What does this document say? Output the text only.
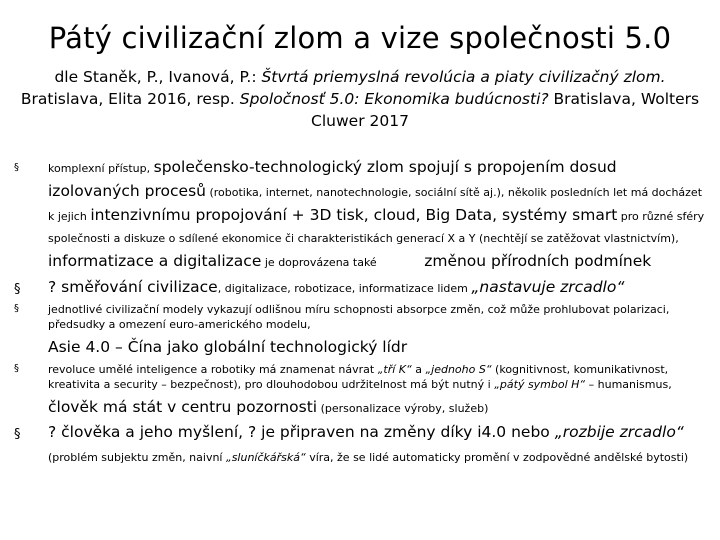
Pátý civilizační zlom a vize společnosti 5.0
dle Staněk, P., Ivanová, P.: Štvrtá priemyslná revolúcia a piaty civilizačný zlom. Bratislava, Elita 2016, resp. Spoločnosť 5.0: Ekonomika budúcnosti? Bratislava, Wolters Cluwer 2017
§	komplexní přístup, společensko-technologický zlom spojují s propojením dosud izolovaných procesů (robotika, internet, nanotechnologie, sociální sítě aj.), několik posledních let má docházet k jejich intenzivnímu propojování + 3D tisk, cloud, Big Data, systémy smart pro různé sféry společnosti a diskuze o sdílené ekonomice či charakteristikách generací X a Y (nechtějí se zatěžovat vlastnictvím), informatizace a digitalizace je doprovázena také	změnou přírodních podmínek
§ ? směřování civilizace, digitalizace, robotizace, informatizace lidem „nastavuje zrcadlo“
§	jednotlivé civilizační modely vykazují odlišnou míru schopnosti absorpce změn, což může prohlubovat polarizaci, předsudky a omezení euro-amerického modelu,
Asie 4.0 – Čína jako globální technologický lídr
§	revoluce umělé inteligence a robotiky má znamenat návrat „tří K“ a „jednoho S“ (kognitivnost, komunikativnost, kreativita a security – bezpečnost), pro dlouhodobou udržitelnost má být nutný i „pátý symbol H“ – humanismus,
člověk má stát v centru pozornosti (personalizace výroby, služeb)
§ ? člověka a jeho myšlení, ? je připraven na změny díky i4.0 nebo „rozbije zrcadlo“ (problém subjektu změn, naivní „sluníčkářská“ víra, že se lidé automaticky promění v zodpovědné andělské bytosti)
